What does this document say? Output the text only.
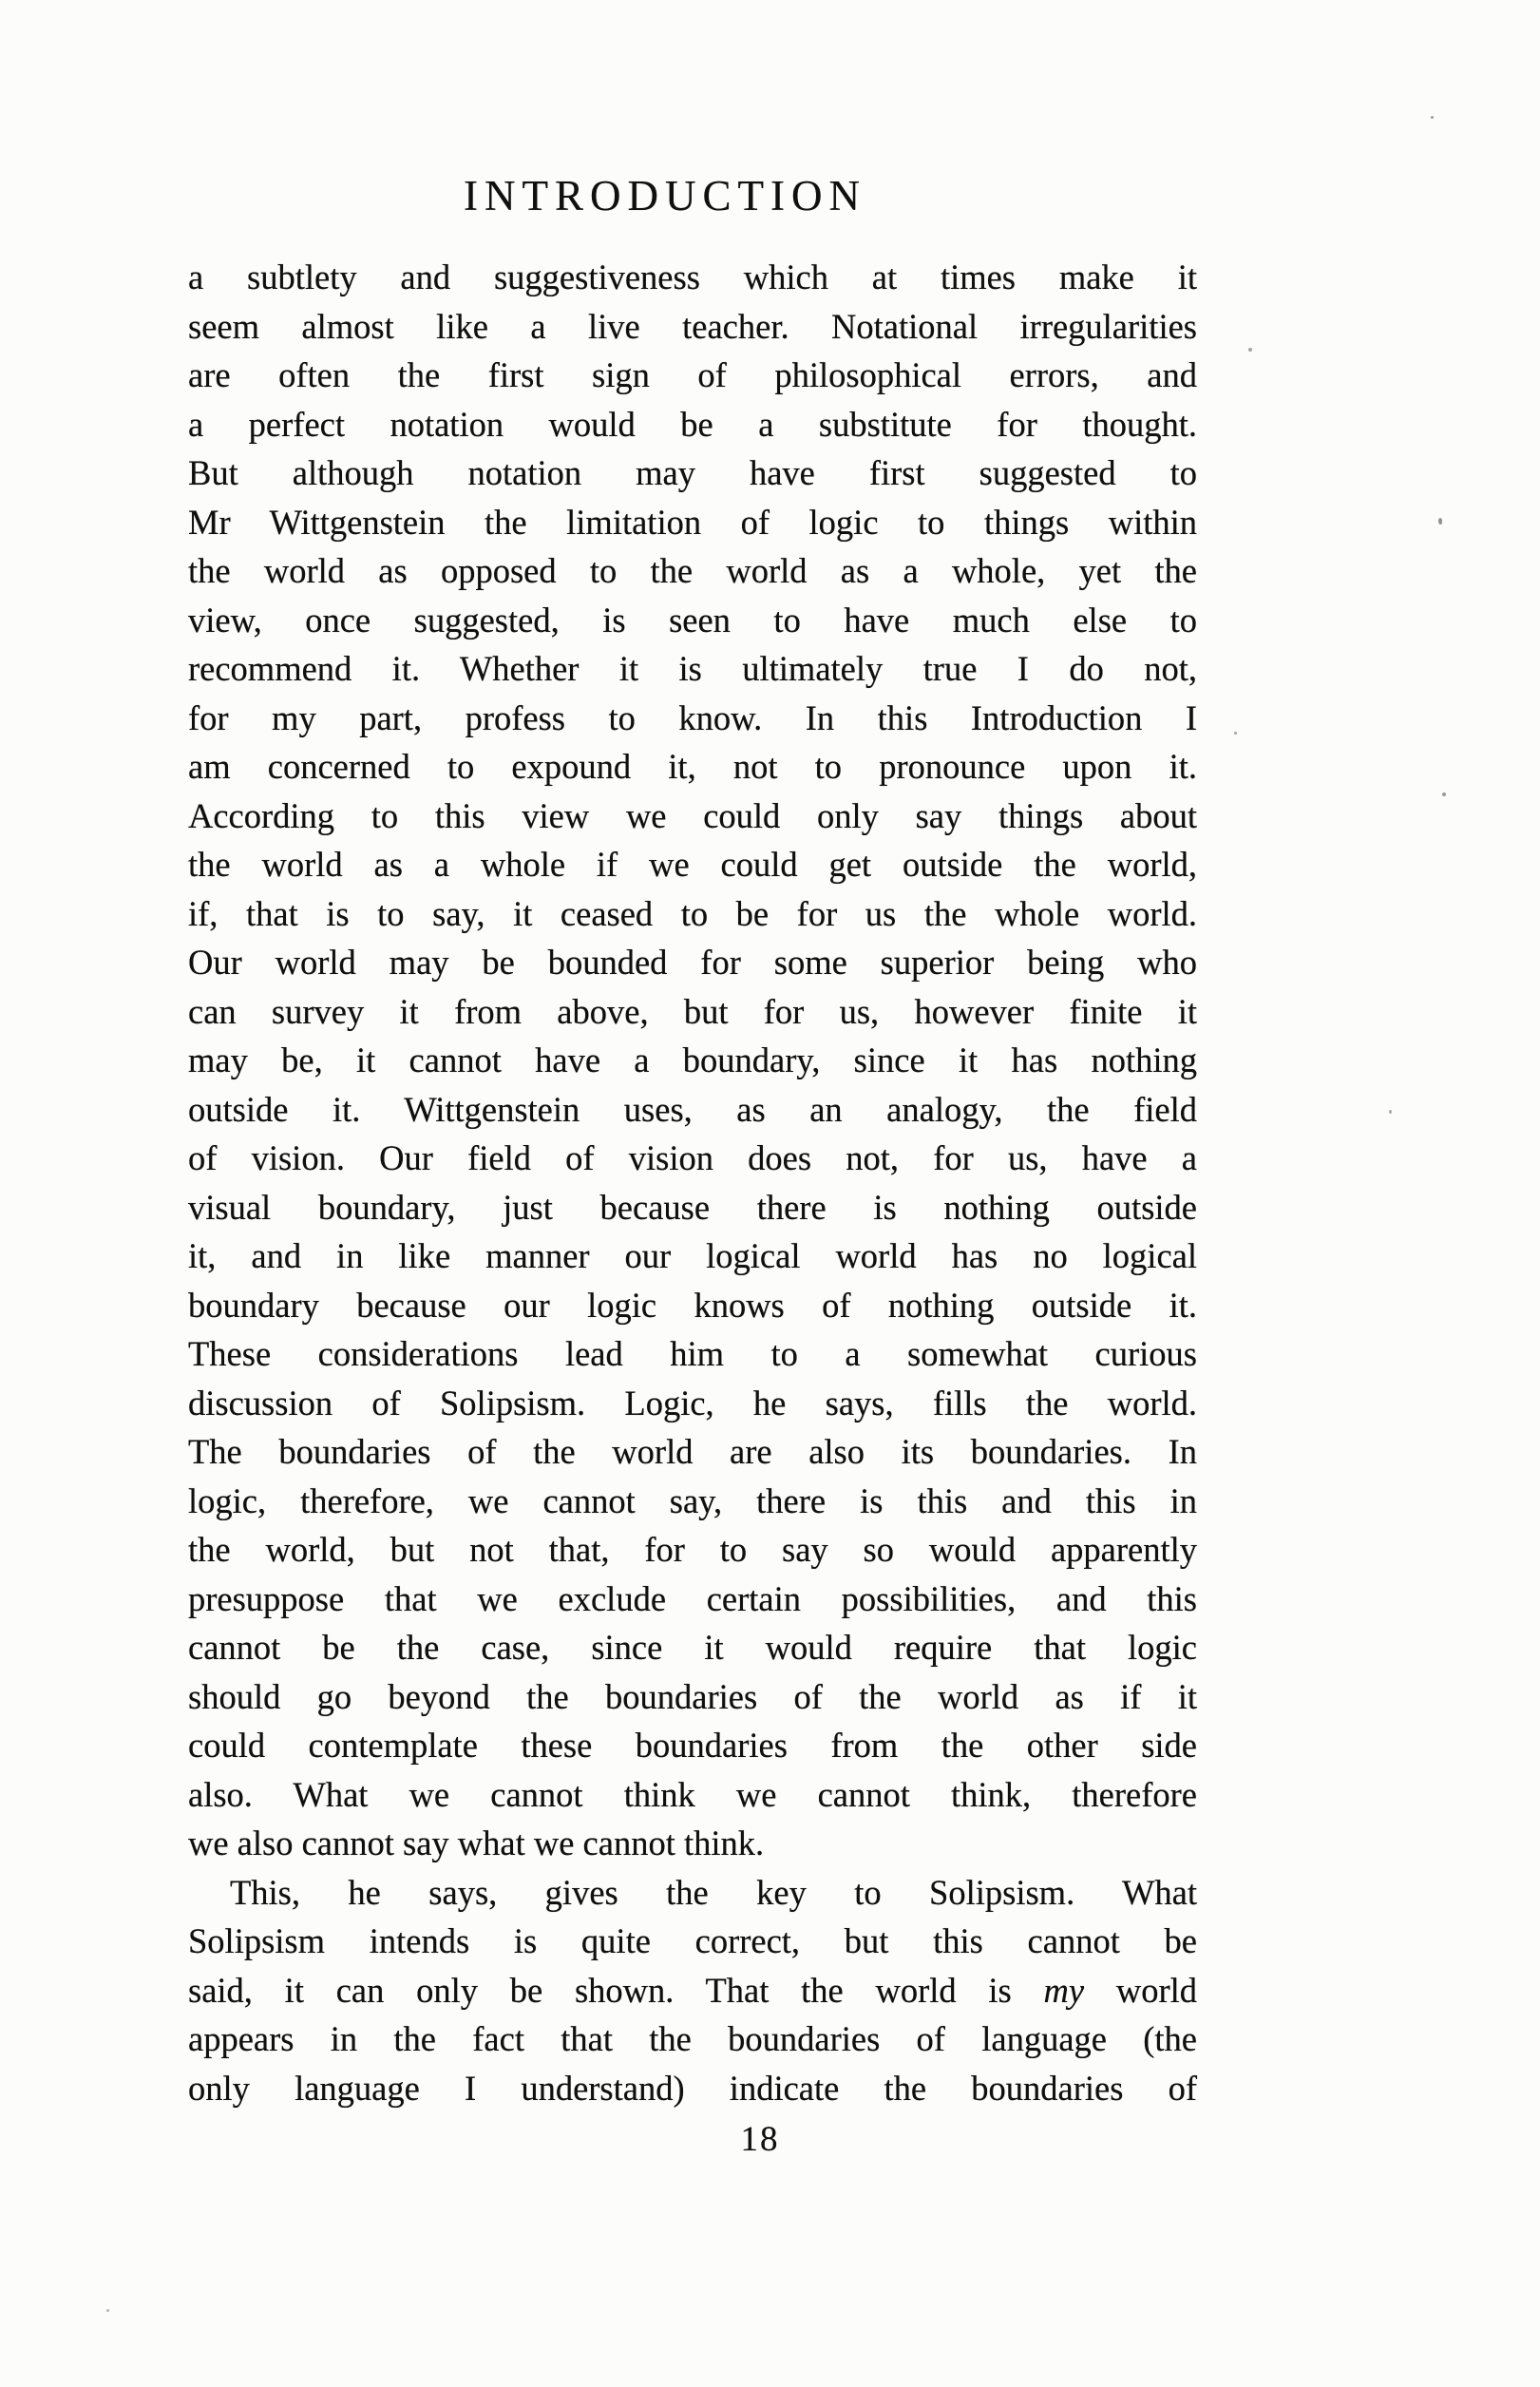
INTRODUCTION
a subtlety and suggestiveness which at times make it
seem almost like a live teacher. Notational irregularities
are often the first sign of philosophical errors, and
a perfect notation would be a substitute for thought.
But although notation may have first suggested to
Mr Wittgenstein the limitation of logic to things within
the world as opposed to the world as a whole, yet the
view, once suggested, is seen to have much else to
recommend it. Whether it is ultimately true I do not,
for my part, profess to know. In this Introduction I
am concerned to expound it, not to pronounce upon it.
According to this view we could only say things about
the world as a whole if we could get outside the world,
if, that is to say, it ceased to be for us the whole world.
Our world may be bounded for some superior being who
can survey it from above, but for us, however finite it
may be, it cannot have a boundary, since it has nothing
outside it. Wittgenstein uses, as an analogy, the field
of vision. Our field of vision does not, for us, have a
visual boundary, just because there is nothing outside
it, and in like manner our logical world has no logical
boundary because our logic knows of nothing outside it.
These considerations lead him to a somewhat curious
discussion of Solipsism. Logic, he says, fills the world.
The boundaries of the world are also its boundaries. In
logic, therefore, we cannot say, there is this and this in
the world, but not that, for to say so would apparently
presuppose that we exclude certain possibilities, and this
cannot be the case, since it would require that logic
should go beyond the boundaries of the world as if it
could contemplate these boundaries from the other side
also. What we cannot think we cannot think, therefore
we also cannot say what we cannot think.
This, he says, gives the key to Solipsism. What
Solipsism intends is quite correct, but this cannot be
said, it can only be shown. That the world is my world
appears in the fact that the boundaries of language (the
only language I understand) indicate the boundaries of
18
